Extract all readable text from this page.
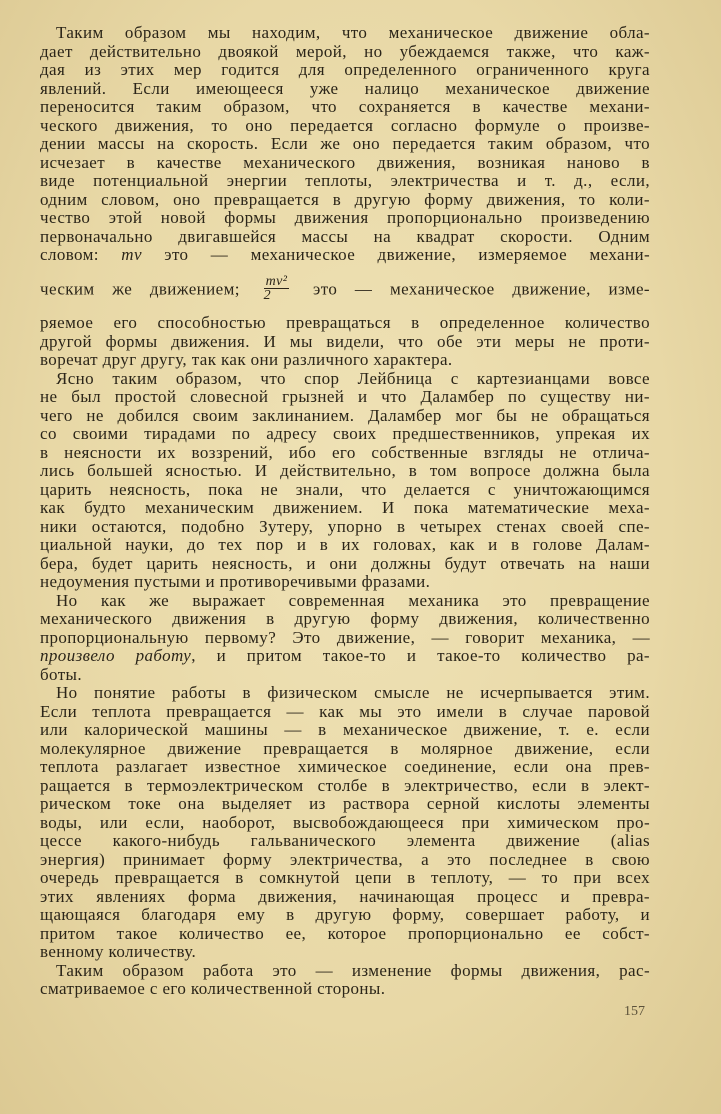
Таким образом мы находим, что механическое движение обла-
дает действительно двоякой мерой, но убеждаемся также, что каж-
дая из этих мер годится для определенного ограниченного круга
явлений. Если имеющееся уже налицо механическое движение
переносится таким образом, что сохраняется в качестве механи-
ческого движения, то оно передается согласно формуле о произве-
дении массы на скорость. Если же оно передается таким образом, что
исчезает в качестве механического движения, возникая наново в
виде потенциальной энергии теплоты, электричества и т. д., если,
одним словом, оно превращается в другую форму движения, то коли-
чество этой новой формы движения пропорционально произведению
первоначально двигавшейся массы на квадрат скорости. Одним
словом: mv это — механическое движение, измеряемое механи-
ческим же движением; $\frac{\text{mv²}}{2}$ это — механическое движение, изме-
ряемое его способностью превращаться в определенное количество
другой формы движения. И мы видели, что обе эти меры не проти-
воречат друг другу, так как они различного характера.
Ясно таким образом, что спор Лейбница с картезианцами вовсе
не был простой словесной грызней и что Даламбер по существу ни-
чего не добился своим заклинанием. Даламбер мог бы не обращаться
со своими тирадами по адресу своих предшественников, упрекая их
в неясности их воззрений, ибо его собственные взгляды не отлича-
лись большей ясностью. И действительно, в том вопросе должна была
царить неясность, пока не знали, что делается с уничтожающимся
как будто механическим движением. И пока математические меха-
ники остаются, подобно Зутеру, упорно в четырех стенах своей спе-
циальной науки, до тех пор и в их головах, как и в голове Далам-
бера, будет царить неясность, и они должны будут отвечать на наши
недоумения пустыми и противоречивыми фразами.
Но как же выражает современная механика это превращение
механического движения в другую форму движения, количественно
пропорциональную первому? Это движение, — говорит механика, —
произвело работу, и притом такое-то и такое-то количество ра-
боты.
Но понятие работы в физическом смысле не исчерпывается этим.
Если теплота превращается — как мы это имели в случае паровой
или калорической машины — в механическое движение, т. е. если
молекулярное движение превращается в молярное движение, если
теплота разлагает известное химическое соединение, если она прев-
ращается в термоэлектрическом столбе в электричество, если в элект-
рическом токе она выделяет из раствора серной кислоты элементы
воды, или если, наоборот, высвобождающееся при химическом про-
цессе какого-нибудь гальванического элемента движение (alias
энергия) принимает форму электричества, а это последнее в свою
очередь превращается в сомкнутой цепи в теплоту, — то при всех
этих явлениях форма движения, начинающая процесс и превра-
щающаяся благодаря ему в другую форму, совершает работу, и
притом такое количество ее, которое пропорционально ее собст-
венному количеству.
Таким образом работа это — изменение формы движения, рас-
сматриваемое с его количественной стороны.
157
